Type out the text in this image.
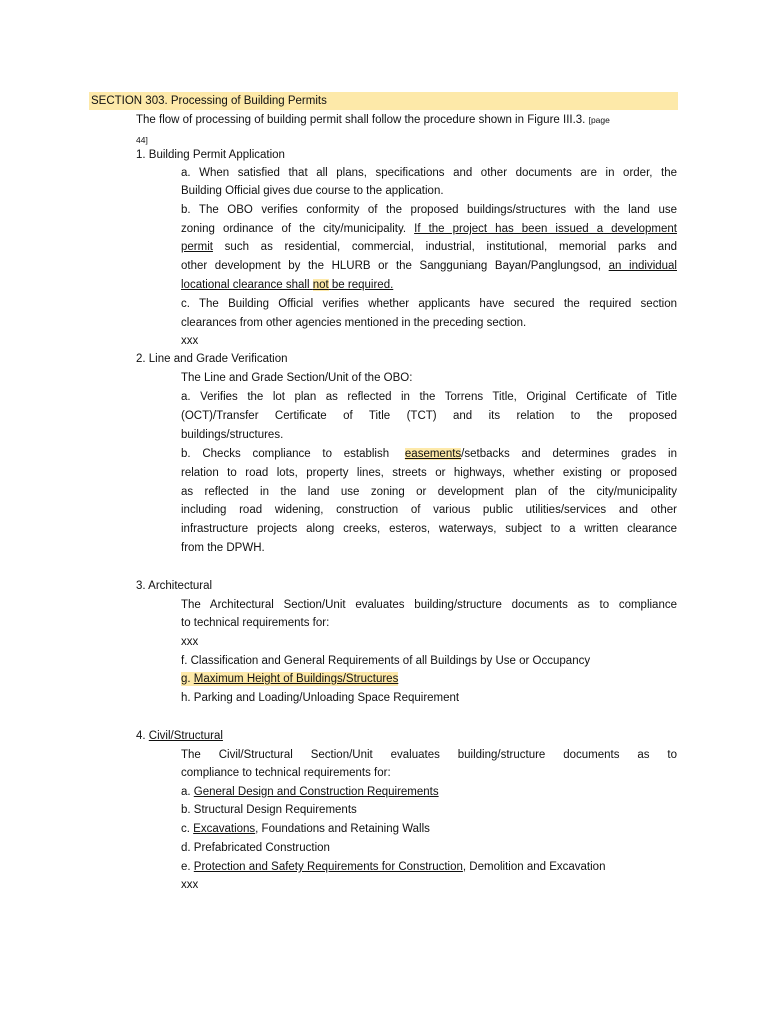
SECTION 303. Processing of Building Permits
The flow of processing of building permit shall follow the procedure shown in Figure III.3. [page
44]
1. Building Permit Application
a. When satisfied that all plans, specifications and other documents are in order, the
Building Official gives due course to the application.
b. The OBO verifies conformity of the proposed buildings/structures with the land use
zoning ordinance of the city/municipality. If the project has been issued a development
permit such as residential, commercial, industrial, institutional, memorial parks and
other development by the HLURB or the Sangguniang Bayan/Panglungsod, an individual
locational clearance shall not be required.
c. The Building Official verifies whether applicants have secured the required section
clearances from other agencies mentioned in the preceding section.
xxx
2. Line and Grade Verification
The Line and Grade Section/Unit of the OBO:
a. Verifies the lot plan as reflected in the Torrens Title, Original Certificate of Title
(OCT)/Transfer Certificate of Title (TCT) and its relation to the proposed
buildings/structures.
b. Checks compliance to establish easements/setbacks and determines grades in
relation to road lots, property lines, streets or highways, whether existing or proposed
as reflected in the land use zoning or development plan of the city/municipality
including road widening, construction of various public utilities/services and other
infrastructure projects along creeks, esteros, waterways, subject to a written clearance
from the DPWH.
3. Architectural
The Architectural Section/Unit evaluates building/structure documents as to compliance
to technical requirements for:
xxx
f. Classification and General Requirements of all Buildings by Use or Occupancy
g. Maximum Height of Buildings/Structures
h. Parking and Loading/Unloading Space Requirement
4. Civil/Structural
The Civil/Structural Section/Unit evaluates building/structure documents as to
compliance to technical requirements for:
a. General Design and Construction Requirements
b. Structural Design Requirements
c. Excavations, Foundations and Retaining Walls
d. Prefabricated Construction
e. Protection and Safety Requirements for Construction, Demolition and Excavation
xxx
